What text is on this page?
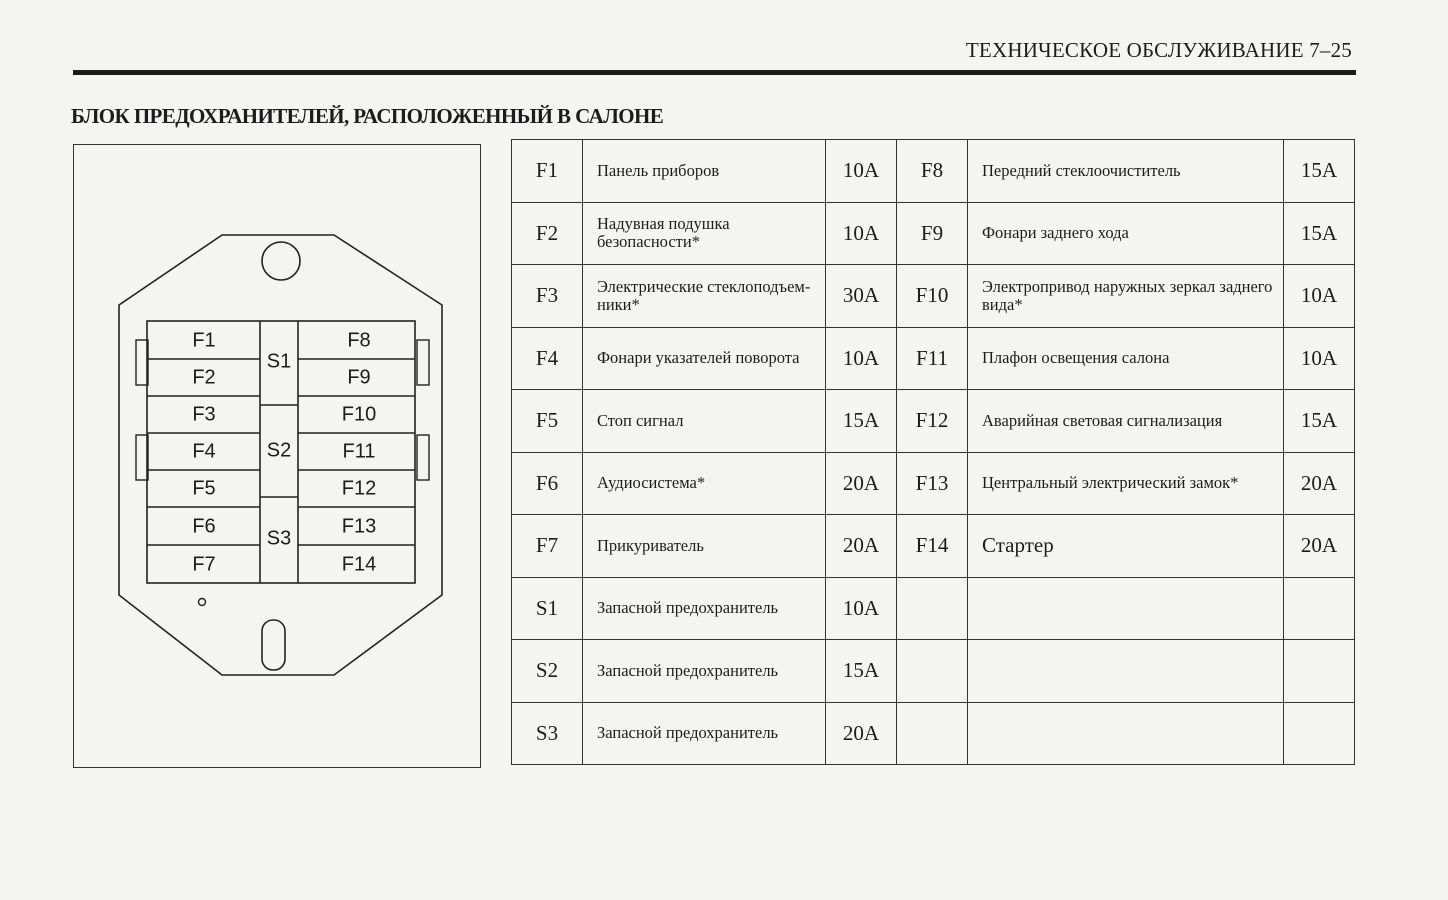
ТЕХНИЧЕСКОЕ ОБСЛУЖИВАНИЕ 7–25
БЛОК ПРЕДОХРАНИТЕЛЕЙ, РАСПОЛОЖЕННЫЙ В САЛОНЕ
F1
F2
F3
F4
F5
F6
F7
S1
S2
S3
F8
F9
F10
F11
F12
F13
F14
F1	Панель приборов	10A	F8	Передний стеклоочиститель	15A
F2	Надувная подушка безопасности*	10A	F9	Фонари заднего хода	15A
F3	Электрические стеклоподъем- ники*	30A	F10	Электропривод наружных зеркал заднего вида*	10A
F4	Фонари указателей поворота	10A	F11	Плафон освещения салона	10A
F5	Стоп сигнал	15A	F12	Аварийная световая сигнализация	15A
F6	Аудиосистема*	20A	F13	Центральный электрический замок*	20A
F7	Прикуриватель	20A	F14	Стартер	20A
S1	Запасной предохранитель	10A			
S2	Запасной предохранитель	15A			
S3	Запасной предохранитель	20A			
